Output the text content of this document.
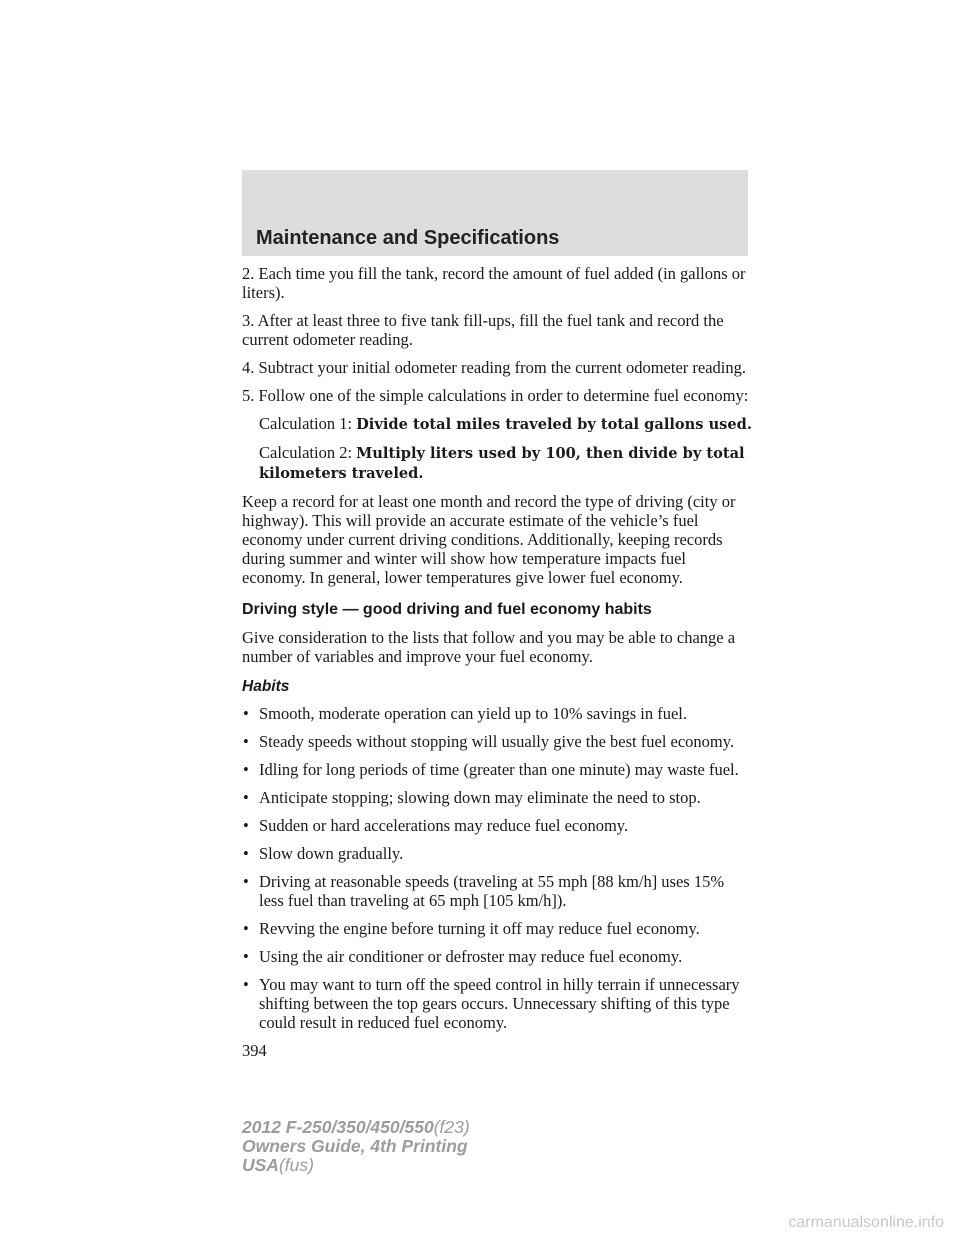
Maintenance and Specifications

2. Each time you fill the tank, record the amount of fuel added (in gallons or liters).

3. After at least three to five tank fill-ups, fill the fuel tank and record the current odometer reading.

4. Subtract your initial odometer reading from the current odometer reading.

5. Follow one of the simple calculations in order to determine fuel economy:

Calculation 1: Divide total miles traveled by total gallons used.

Calculation 2: Multiply liters used by 100, then divide by total kilometers traveled.

Keep a record for at least one month and record the type of driving (city or highway). This will provide an accurate estimate of the vehicle’s fuel economy under current driving conditions. Additionally, keeping records during summer and winter will show how temperature impacts fuel economy. In general, lower temperatures give lower fuel economy.

Driving style — good driving and fuel economy habits

Give consideration to the lists that follow and you may be able to change a number of variables and improve your fuel economy.

Habits
• Smooth, moderate operation can yield up to 10% savings in fuel.
• Steady speeds without stopping will usually give the best fuel economy.
• Idling for long periods of time (greater than one minute) may waste fuel.
• Anticipate stopping; slowing down may eliminate the need to stop.
• Sudden or hard accelerations may reduce fuel economy.
• Slow down gradually.
• Driving at reasonable speeds (traveling at 55 mph [88 km/h] uses 15% less fuel than traveling at 65 mph [105 km/h]).
• Revving the engine before turning it off may reduce fuel economy.
• Using the air conditioner or defroster may reduce fuel economy.
• You may want to turn off the speed control in hilly terrain if unnecessary shifting between the top gears occurs. Unnecessary shifting of this type could result in reduced fuel economy.
394
2012 F-250/350/450/550(f23)
Owners Guide, 4th Printing
USA(fus)
carmanualsonline.info
